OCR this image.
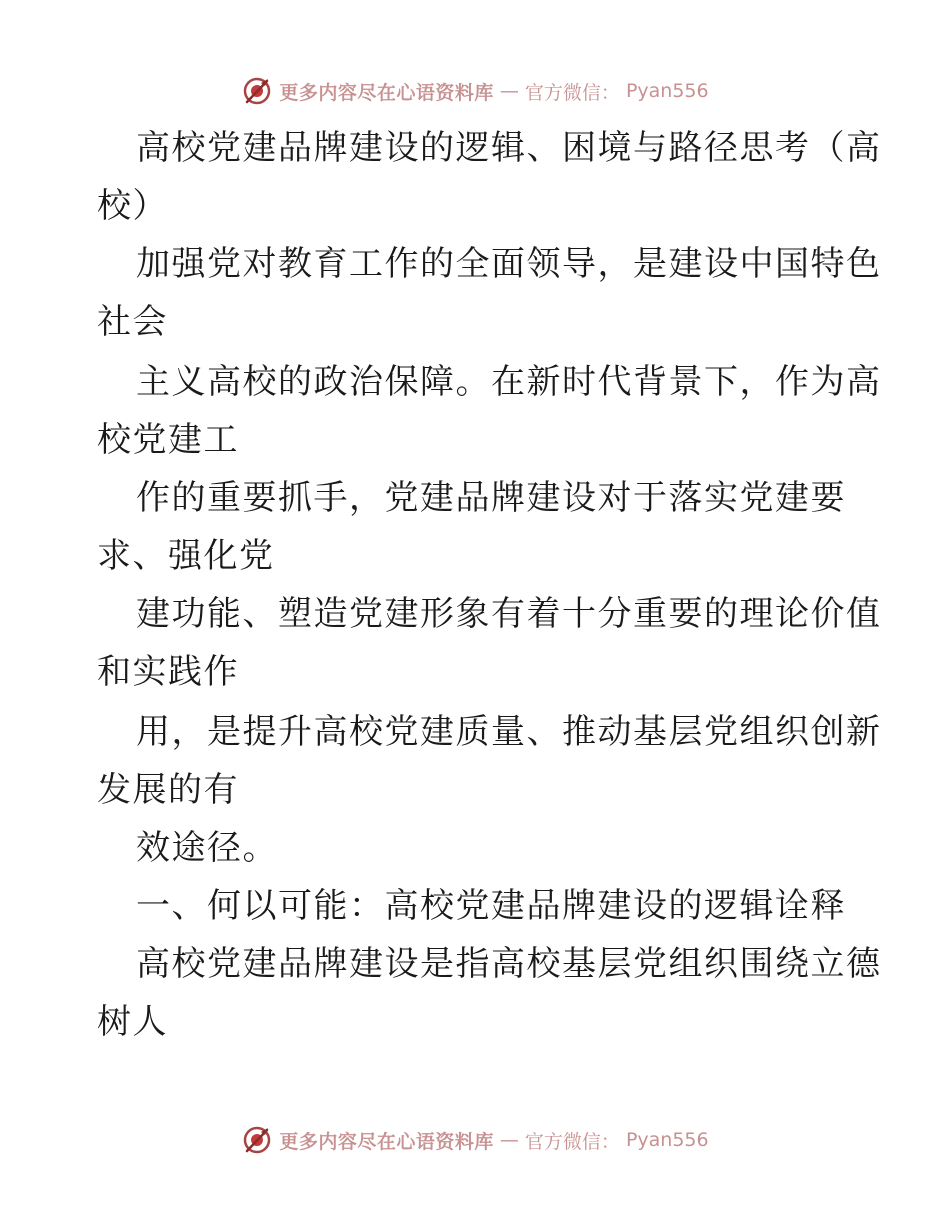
更多内容尽在心语资料库 — 官方微信： Pyan556
高校党建品牌建设的逻辑、困境与路径思考（高
校）
加强党对教育工作的全面领导，是建设中国特色
社会
主义高校的政治保障。在新时代背景下，作为高
校党建工
作的重要抓手，党建品牌建设对于落实党建要
求、强化党
建功能、塑造党建形象有着十分重要的理论价值
和实践作
用，是提升高校党建质量、推动基层党组织创新
发展的有
效途径。
一、何以可能：高校党建品牌建设的逻辑诠释
高校党建品牌建设是指高校基层党组织围绕立德
树人
更多内容尽在心语资料库 — 官方微信： Pyan556
